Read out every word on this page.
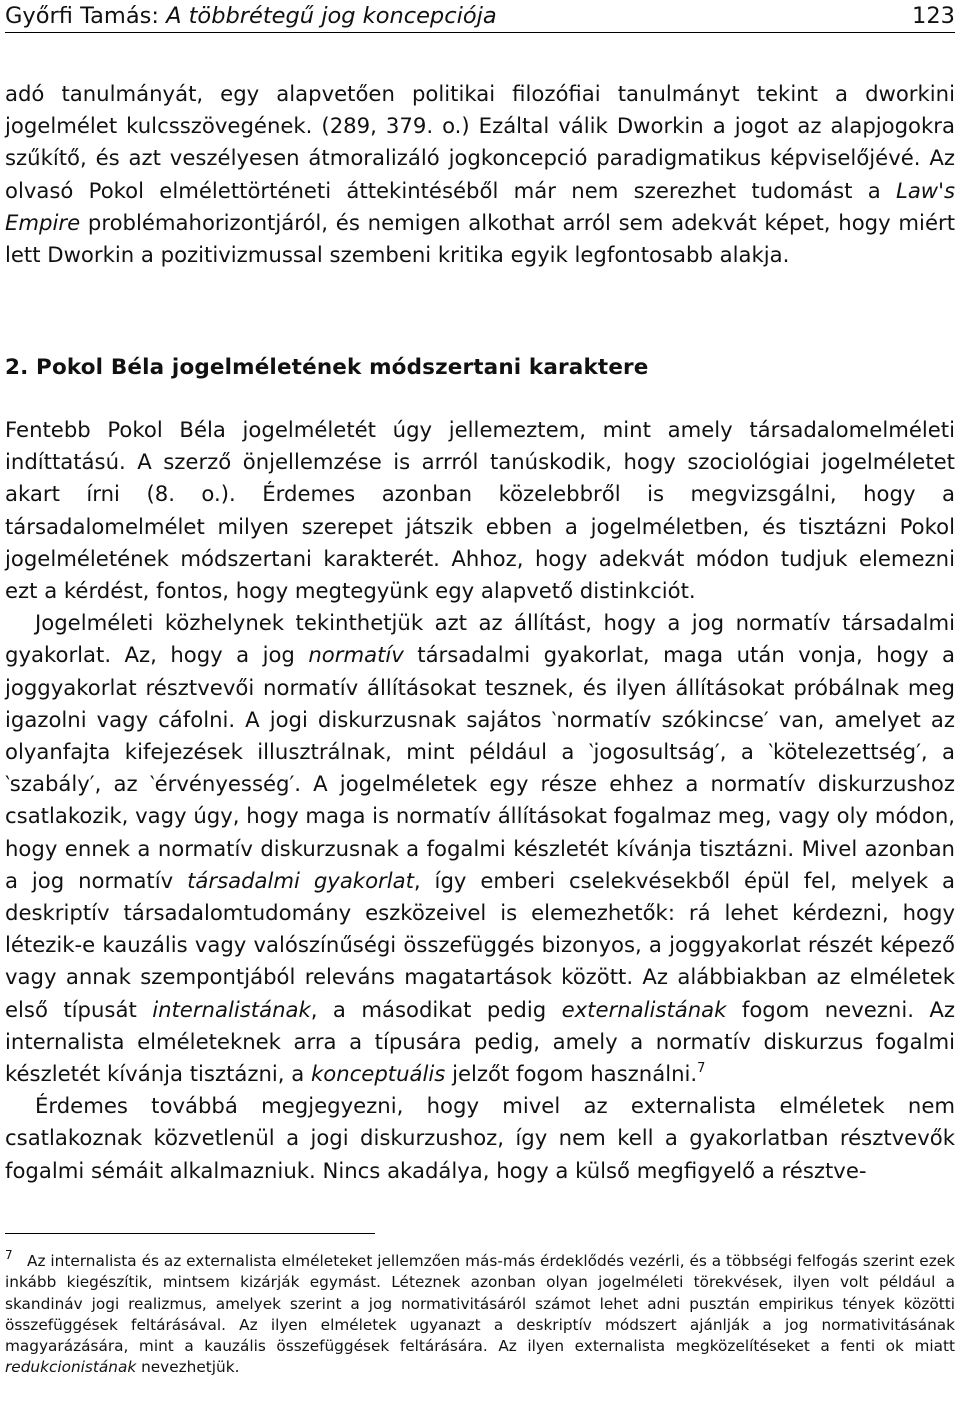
Győrfi Tamás: A többrétegű jog koncepciója	123

adó tanulmányát, egy alapvetően politikai filozófiai tanulmányt tekint a dworkini jogelmélet kulcsszövegének. (289, 379. o.) Ezáltal válik Dworkin a jogot az alapjogokra szűkítő, és azt veszélyesen átmoralizáló jogkoncepció paradigmatikus képviselőjévé. Az olvasó Pokol elmélettörténeti áttekintéséből már nem szerezhet tudomást a Law's Empire problémahorizontjáról, és nemigen alkothat arról sem adekvát képet, hogy miért lett Dworkin a pozitivizmussal szembeni kritika egyik legfontosabb alakja.

2. Pokol Béla jogelméletének módszertani karaktere

Fentebb Pokol Béla jogelméletét úgy jellemeztem, mint amely társadalomelméleti indíttatású. A szerző önjellemzése is arrról tanúskodik, hogy szociológiai jogelméletet akart írni (8. o.). Érdemes azonban közelebbről is megvizsgálni, hogy a társadalomelmélet milyen szerepet játszik ebben a jogelméletben, és tisztázni Pokol jogelméletének módszertani karakterét. Ahhoz, hogy adekvát módon tudjuk elemezni ezt a kérdést, fontos, hogy megtegyünk egy alapvető distinkciót.

Jogelméleti közhelynek tekinthetjük azt az állítást, hogy a jog normatív társadalmi gyakorlat. Az, hogy a jog normatív társadalmi gyakorlat, maga után vonja, hogy a joggyakorlat résztvevői normatív állításokat tesznek, és ilyen állításokat próbálnak meg igazolni vagy cáfolni. A jogi diskurzusnak sajátos ‵normatív szókincse′ van, amelyet az olyanfajta kifejezések illusztrálnak, mint például a ‵jogosultság′, a ‵kötelezettség′, a ‵szabály′, az ‵érvényesség′. A jogelméletek egy része ehhez a normatív diskurzushoz csatlakozik, vagy úgy, hogy maga is normatív állításokat fogalmaz meg, vagy oly módon, hogy ennek a normatív diskurzusnak a fogalmi készletét kívánja tisztázni. Mivel azonban a jog normatív társadalmi gyakorlat, így emberi cselekvésekből épül fel, melyek a deskriptív társadalomtudomány eszközeivel is elemezhetők: rá lehet kérdezni, hogy létezik-e kauzális vagy valószínűségi összefüggés bizonyos, a joggyakorlat részét képező vagy annak szempontjából releváns magatartások között. Az alábbiakban az elméletek első típusát internalistának, a másodikat pedig externalistának fogom nevezni. Az internalista elméleteknek arra a típusára pedig, amely a normatív diskurzus fogalmi készletét kívánja tisztázni, a konceptuális jelzőt fogom használni.$^7$

Érdemes továbbá megjegyezni, hogy mivel az externalista elméletek nem csatlakoznak közvetlenül a jogi diskurzushoz, így nem kell a gyakorlatban résztvevők fogalmi sémáit alkalmazniuk. Nincs akadálya, hogy a külső megfigyelő a résztve-

$^7$ Az internalista és az externalista elméleteket jellemzően más-más érdeklődés vezérli, és a többségi felfogás szerint ezek inkább kiegészítik, mintsem kizárják egymást. Léteznek azonban olyan jogelméleti törekvések, ilyen volt például a skandináv jogi realizmus, amelyek szerint a jog normativitásáról számot lehet adni pusztán empirikus tények közötti összefüggések feltárásával. Az ilyen elméletek ugyanazt a deskriptív módszert ajánlják a jog normativitásának magyarázására, mint a kauzális összefüggések feltárására. Az ilyen externalista megközelítéseket a fenti ok miatt redukcionistának nevezhetjük.
